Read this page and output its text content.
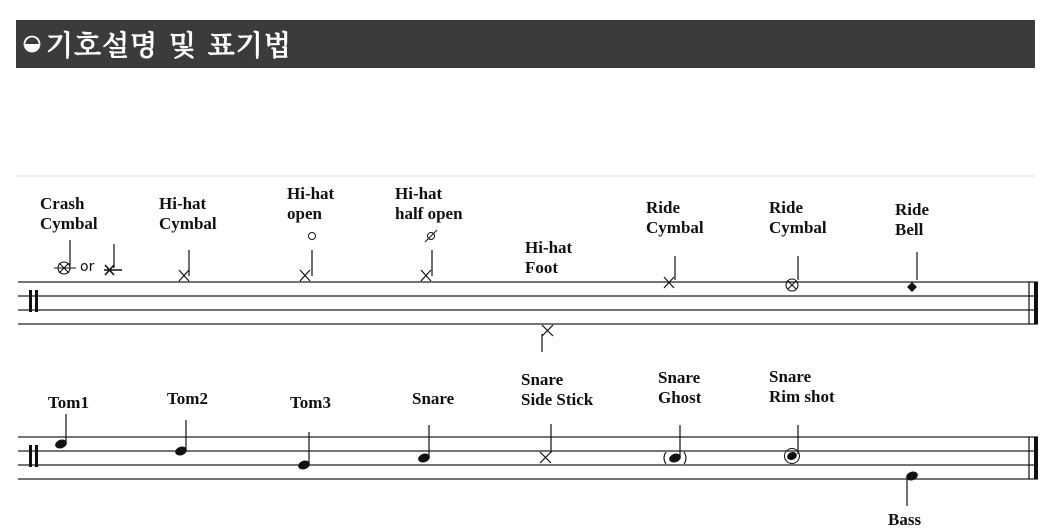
기호설명 및 표기법
Crash
Cymbal
or
Hi-hat
Cymbal
Hi-hat
open
Hi-hat
half open
Hi-hat
Foot
Ride
Cymbal
Ride
Cymbal
Ride
Bell
Tom1	Tom2	Tom3	Snare
Snare
Side Stick
Snare
Ghost
Snare
Rim shot
Bass
